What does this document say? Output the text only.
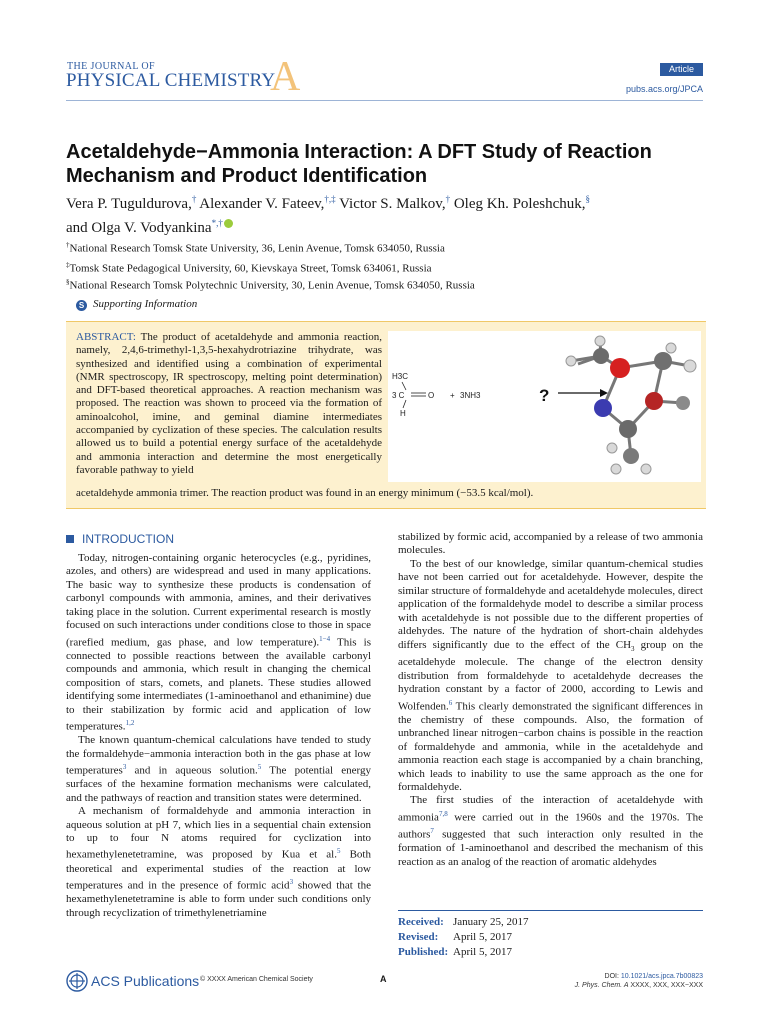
THE JOURNAL OF
PHYSICAL CHEMISTRY
A	Article
pubs.acs.org/JPCA
Acetaldehyde−Ammonia Interaction: A DFT Study of Reaction Mechanism and Product Identification
Vera P. Tuguldurova,† Alexander V. Fateev,†,‡ Victor S. Malkov,† Oleg Kh. Poleshchuk,§
and Olga V. Vodyankina*,†
†National Research Tomsk State University, 36, Lenin Avenue, Tomsk 634050, Russia
‡Tomsk State Pedagogical University, 60, Kievskaya Street, Tomsk 634061, Russia
§National Research Tomsk Polytechnic University, 30, Lenin Avenue, Tomsk 634050, Russia
S Supporting Information
ABSTRACT: The product of acetaldehyde and ammonia reaction, namely, 2,4,6-trimethyl-1,3,5-hexahydrotriazine trihydrate, was synthesized and identified using a combination of experimental (NMR spectroscopy, IR spectroscopy, melting point determination) and DFT-based theoretical approaches. A reaction mechanism was proposed. The reaction was shown to proceed via the formation of aminoalcohol, imine, and geminal diamine intermediates accompanied by cyclization of these species. The calculation results allowed us to build a potential energy surface of the acetaldehyde and ammonia interaction and determine the most energetically favorable pathway to yield
acetaldehyde ammonia trimer. The reaction product was found in an energy minimum (−53.5 kcal/mol).
H3C
3 C	O
H
+ 3NH3	?
INTRODUCTION

Today, nitrogen-containing organic heterocycles (e.g., pyridines, azoles, and others) are widespread and used in many applications. The basic way to synthesize these products is condensation of carbonyl compounds with ammonia, amines, and their derivatives taking place in the solution. Current experimental research is mostly focused on such interactions under conditions close to those in space (rarefied medium, gas phase, and low temperature).$^{1-4}$ This is connected to possible reactions between the available carbonyl compounds and ammonia, which result in changing the chemical composition of stars, comets, and planets. These studies allowed identifying some intermediates (1-aminoethanol and ethanimine) due to their stabilization by formic acid and application of low temperatures.$^{1,2}$

The known quantum-chemical calculations have tended to study the formaldehyde−ammonia interaction both in the gas phase at low temperatures$^3$ and in aqueous solution.$^5$ The potential energy surfaces of the hexamine formation mechanisms were calculated, and the pathways of reaction and transition states were determined.

A mechanism of formaldehyde and ammonia interaction in aqueous solution at pH 7, which lies in a sequential chain extension to up to four N atoms required for cyclization into hexamethylenetetramine, was proposed by Kua et al.$^5$ Both theoretical and experimental studies of the reaction at low temperatures and in the presence of formic acid$^3$ showed that the hexamethylenetetramine is able to form under such conditions only through recyclization of trimethylenetriamine

stabilized by formic acid, accompanied by a release of two ammonia molecules.

To the best of our knowledge, similar quantum-chemical studies have not been carried out for acetaldehyde. However, despite the similar structure of formaldehyde and acetaldehyde molecules, direct application of the formaldehyde model to describe a similar process with acetaldehyde is not possible due to the different properties of aldehydes. The nature of the hydration of short-chain aldehydes differs significantly due to the effect of the $CH_3$ group on the acetaldehyde molecule. The change of the electron density distribution from formaldehyde to acetaldehyde decreases the hydration constant by a factor of 2000, according to Lewis and Wolfenden.$^6$ This clearly demonstrated the significant differences in the chemistry of these compounds. Also, the formation of unbranched linear nitrogen−carbon chains is possible in the reaction of formaldehyde and ammonia, while in the acetaldehyde and ammonia reaction each stage is accompanied by a chain branching, which leads to inability to use the same approach as the one for formaldehyde.

The first studies of the interaction of acetaldehyde with ammonia$^{7,8}$ were carried out in the 1960s and the 1970s. The authors$^7$ suggested that such interaction only resulted in the formation of 1-aminoethanol and described the mechanism of this reaction as an analog of the reaction of aromatic aldehydes

Received: January 25, 2017
Revised: April 5, 2017
Published: April 5, 2017
ACS Publications © XXXX American Chemical Society	A	DOI: 10.1021/acs.jpca.7b00823
J. Phys. Chem. A XXXX, XXX, XXX−XXX
